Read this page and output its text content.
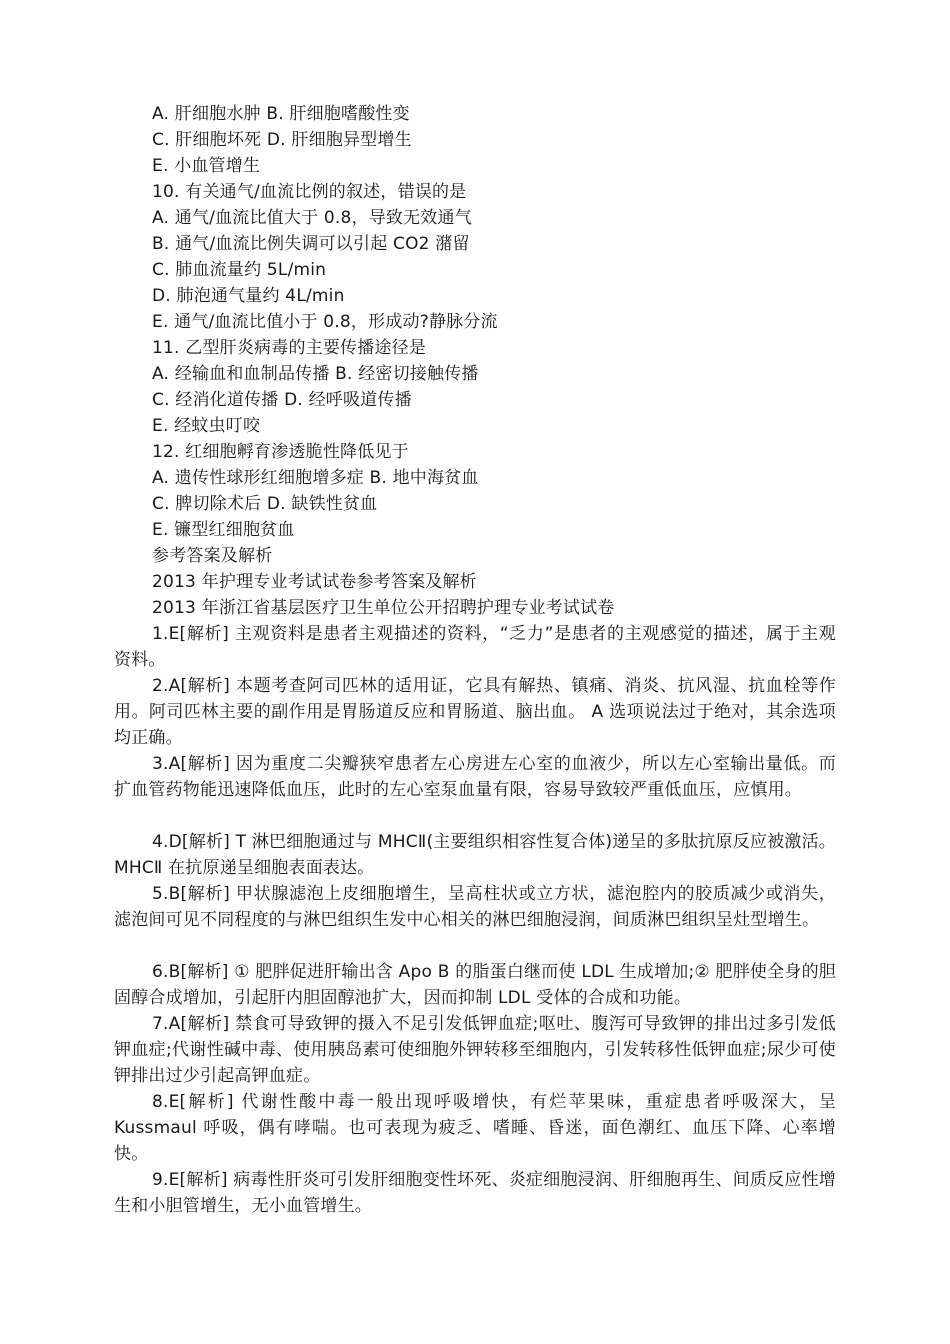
A. 肝细胞水肿 B. 肝细胞嗜酸性变
C. 肝细胞坏死 D. 肝细胞异型增生
E. 小血管增生
10. 有关通气/血流比例的叙述，错误的是
A. 通气/血流比值大于 0.8，导致无效通气
B. 通气/血流比例失调可以引起 CO2 潴留
C. 肺血流量约 5L/min
D. 肺泡通气量约 4L/min
E. 通气/血流比值小于 0.8，形成动?静脉分流
11. 乙型肝炎病毒的主要传播途径是
A. 经输血和血制品传播 B. 经密切接触传播
C. 经消化道传播 D. 经呼吸道传播
E. 经蚊虫叮咬
12. 红细胞孵育渗透脆性降低见于
A. 遗传性球形红细胞增多症 B. 地中海贫血
C. 脾切除术后 D. 缺铁性贫血
E. 镰型红细胞贫血
参考答案及解析
2013 年护理专业考试试卷参考答案及解析
2013 年浙江省基层医疗卫生单位公开招聘护理专业考试试卷
1.E[解析] 主观资料是患者主观描述的资料，“乏力”是患者的主观感觉的描述，属于主观资料。
2.A[解析] 本题考查阿司匹林的适用证，它具有解热、镇痛、消炎、抗风湿、抗血栓等作用。阿司匹林主要的副作用是胃肠道反应和胃肠道、脑出血。 A 选项说法过于绝对，其余选项均正确。
3.A[解析] 因为重度二尖瓣狭窄患者左心房进左心室的血液少，所以左心室输出量低。而扩血管药物能迅速降低血压，此时的左心室泵血量有限，容易导致较严重低血压，应慎用。
4.D[解析] T 淋巴细胞通过与 MHCⅡ(主要组织相容性复合体)递呈的多肽抗原反应被激活。MHCⅡ 在抗原递呈细胞表面表达。
5.B[解析] 甲状腺滤泡上皮细胞增生，呈高柱状或立方状，滤泡腔内的胶质减少或消失，滤泡间可见不同程度的与淋巴组织生发中心相关的淋巴细胞浸润，间质淋巴组织呈灶型增生。
6.B[解析] ① 肥胖促进肝输出含 Apo B 的脂蛋白继而使 LDL 生成增加;② 肥胖使全身的胆固醇合成增加，引起肝内胆固醇池扩大，因而抑制 LDL 受体的合成和功能。
7.A[解析] 禁食可导致钾的摄入不足引发低钾血症;呕吐、腹泻可导致钾的排出过多引发低钾血症;代谢性碱中毒、使用胰岛素可使细胞外钾转移至细胞内，引发转移性低钾血症;尿少可使钾排出过少引起高钾血症。
8.E[解析] 代谢性酸中毒一般出现呼吸增快，有烂苹果味，重症患者呼吸深大，呈 Kussmaul 呼吸，偶有哮喘。也可表现为疲乏、嗜睡、昏迷，面色潮红、血压下降、心率增快。
9.E[解析] 病毒性肝炎可引发肝细胞变性坏死、炎症细胞浸润、肝细胞再生、间质反应性增生和小胆管增生，无小血管增生。
